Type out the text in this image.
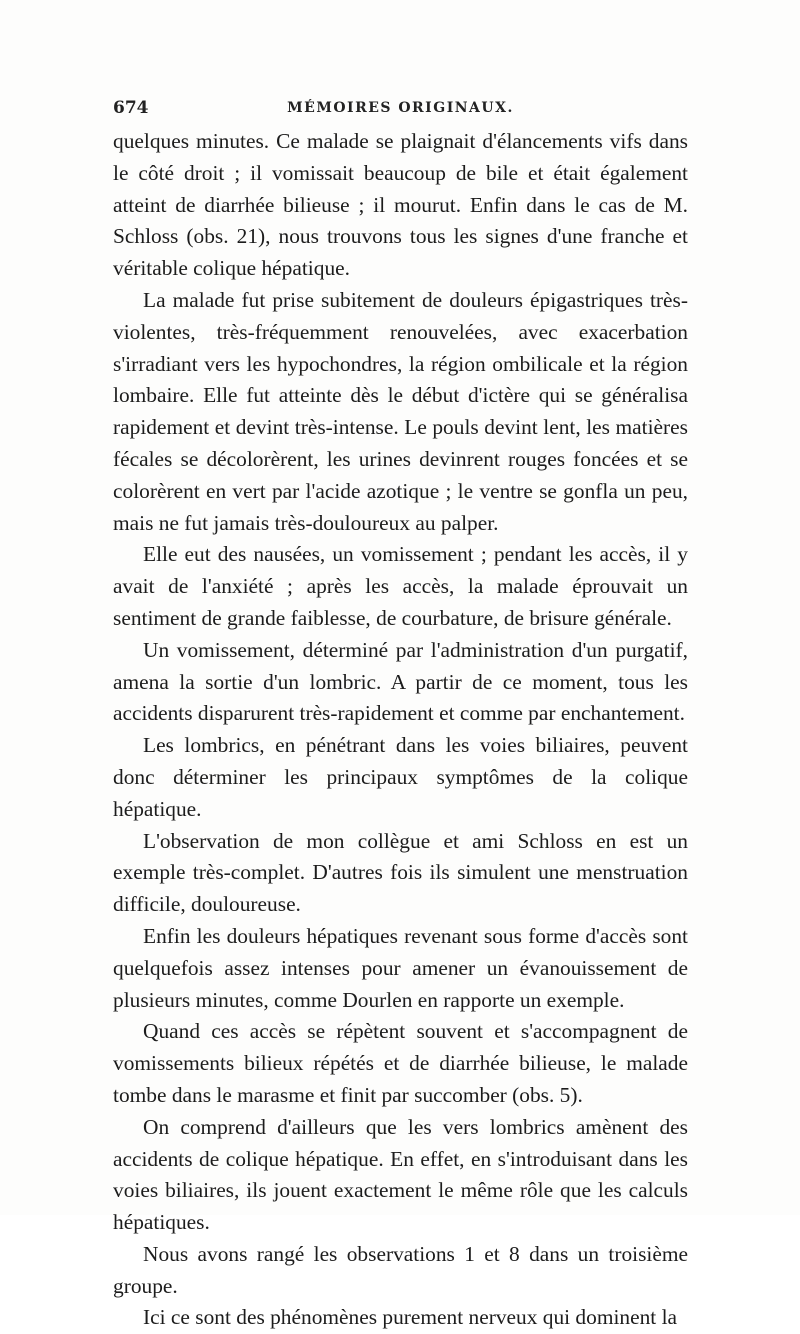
674	MÉMOIRES ORIGINAUX.

quelques minutes. Ce malade se plaignait d'élancements vifs dans le côté droit ; il vomissait beaucoup de bile et était également atteint de diarrhée bilieuse ; il mourut. Enfin dans le cas de M. Schloss (obs. 21), nous trouvons tous les signes d'une franche et véritable colique hépatique.

La malade fut prise subitement de douleurs épigastriques très-violentes, très-fréquemment renouvelées, avec exacerbation s'irradiant vers les hypochondres, la région ombilicale et la région lombaire. Elle fut atteinte dès le début d'ictère qui se généralisa rapidement et devint très-intense. Le pouls devint lent, les matières fécales se décolorèrent, les urines devinrent rouges foncées et se colorèrent en vert par l'acide azotique ; le ventre se gonfla un peu, mais ne fut jamais très-douloureux au palper.

Elle eut des nausées, un vomissement ; pendant les accès, il y avait de l'anxiété ; après les accès, la malade éprouvait un sentiment de grande faiblesse, de courbature, de brisure générale.

Un vomissement, déterminé par l'administration d'un purgatif, amena la sortie d'un lombric. A partir de ce moment, tous les accidents disparurent très-rapidement et comme par enchantement.

Les lombrics, en pénétrant dans les voies biliaires, peuvent donc déterminer les principaux symptômes de la colique hépatique.

L'observation de mon collègue et ami Schloss en est un exemple très-complet. D'autres fois ils simulent une menstruation difficile, douloureuse.

Enfin les douleurs hépatiques revenant sous forme d'accès sont quelquefois assez intenses pour amener un évanouissement de plusieurs minutes, comme Dourlen en rapporte un exemple.

Quand ces accès se répètent souvent et s'accompagnent de vomissements bilieux répétés et de diarrhée bilieuse, le malade tombe dans le marasme et finit par succomber (obs. 5).

On comprend d'ailleurs que les vers lombrics amènent des accidents de colique hépatique. En effet, en s'introduisant dans les voies biliaires, ils jouent exactement le même rôle que les calculs hépatiques.

Nous avons rangé les observations 1 et 8 dans un troisième groupe.

Ici ce sont des phénomènes purement nerveux qui dominent la
